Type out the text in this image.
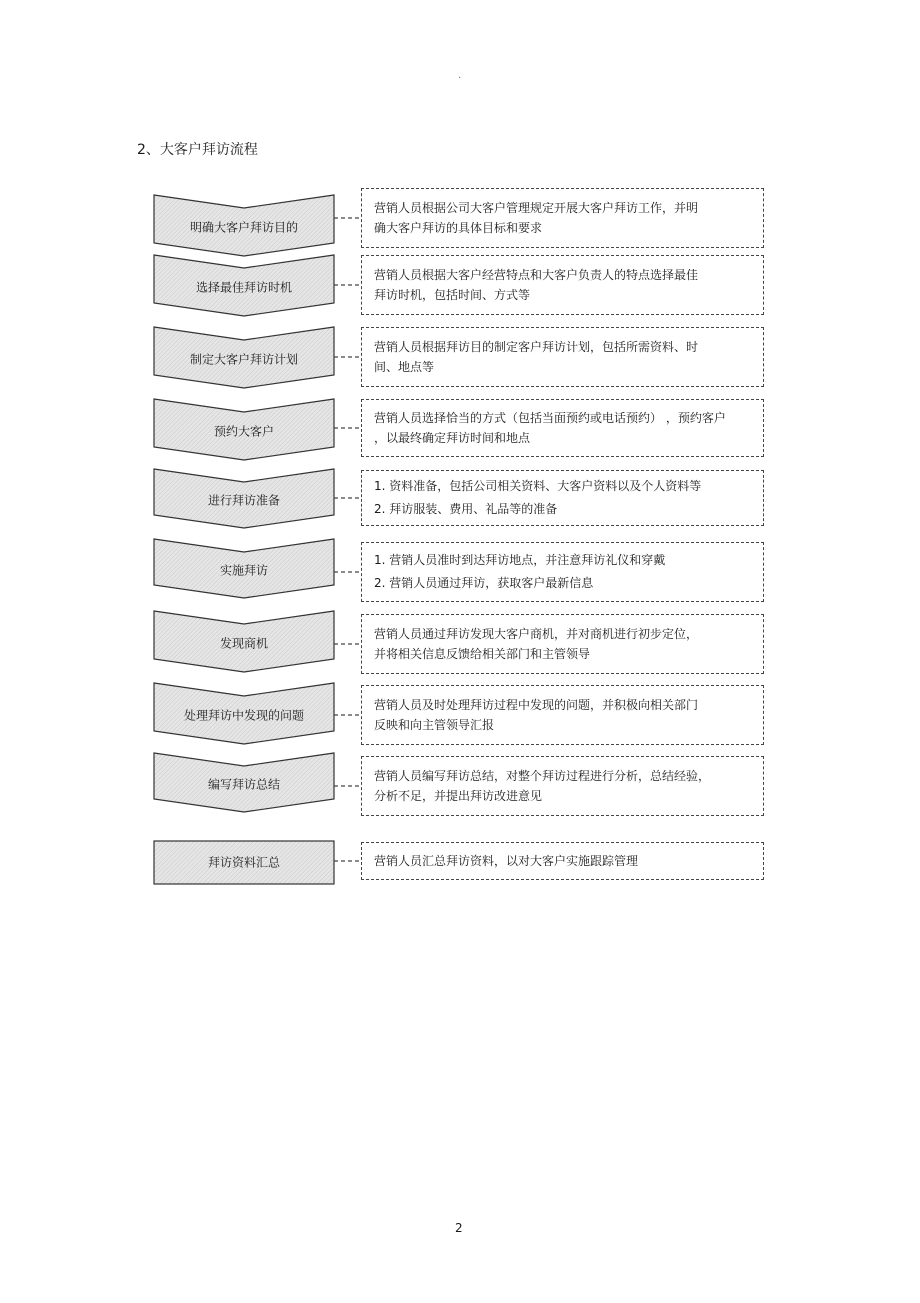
.
2、大客户拜访流程
明确大客户拜访目的
选择最佳拜访时机
制定大客户拜访计划
预约大客户
进行拜访准备
实施拜访
发现商机
处理拜访中发现的问题
编写拜访总结
拜访资料汇总
营销人员根据公司大客户管理规定开展大客户拜访工作，并明
确大客户拜访的具体目标和要求
营销人员根据大客户经营特点和大客户负责人的特点选择最佳
拜访时机，包括时间、方式等
营销人员根据拜访目的制定客户拜访计划，包括所需资料、时
间、地点等
营销人员选择恰当的方式（包括当面预约或电话预约） ，预约客户
，以最终确定拜访时间和地点
1. 资料准备，包括公司相关资料、大客户资料以及个人资料等
2. 拜访服装、费用、礼品等的准备
1. 营销人员准时到达拜访地点，并注意拜访礼仪和穿戴
2. 营销人员通过拜访，获取客户最新信息
营销人员通过拜访发现大客户商机，并对商机进行初步定位，
并将相关信息反馈给相关部门和主管领导
营销人员及时处理拜访过程中发现的问题，并积极向相关部门
反映和向主管领导汇报
营销人员编写拜访总结，对整个拜访过程进行分析，总结经验，
分析不足，并提出拜访改进意见
营销人员汇总拜访资料，以对大客户实施跟踪管理
2
